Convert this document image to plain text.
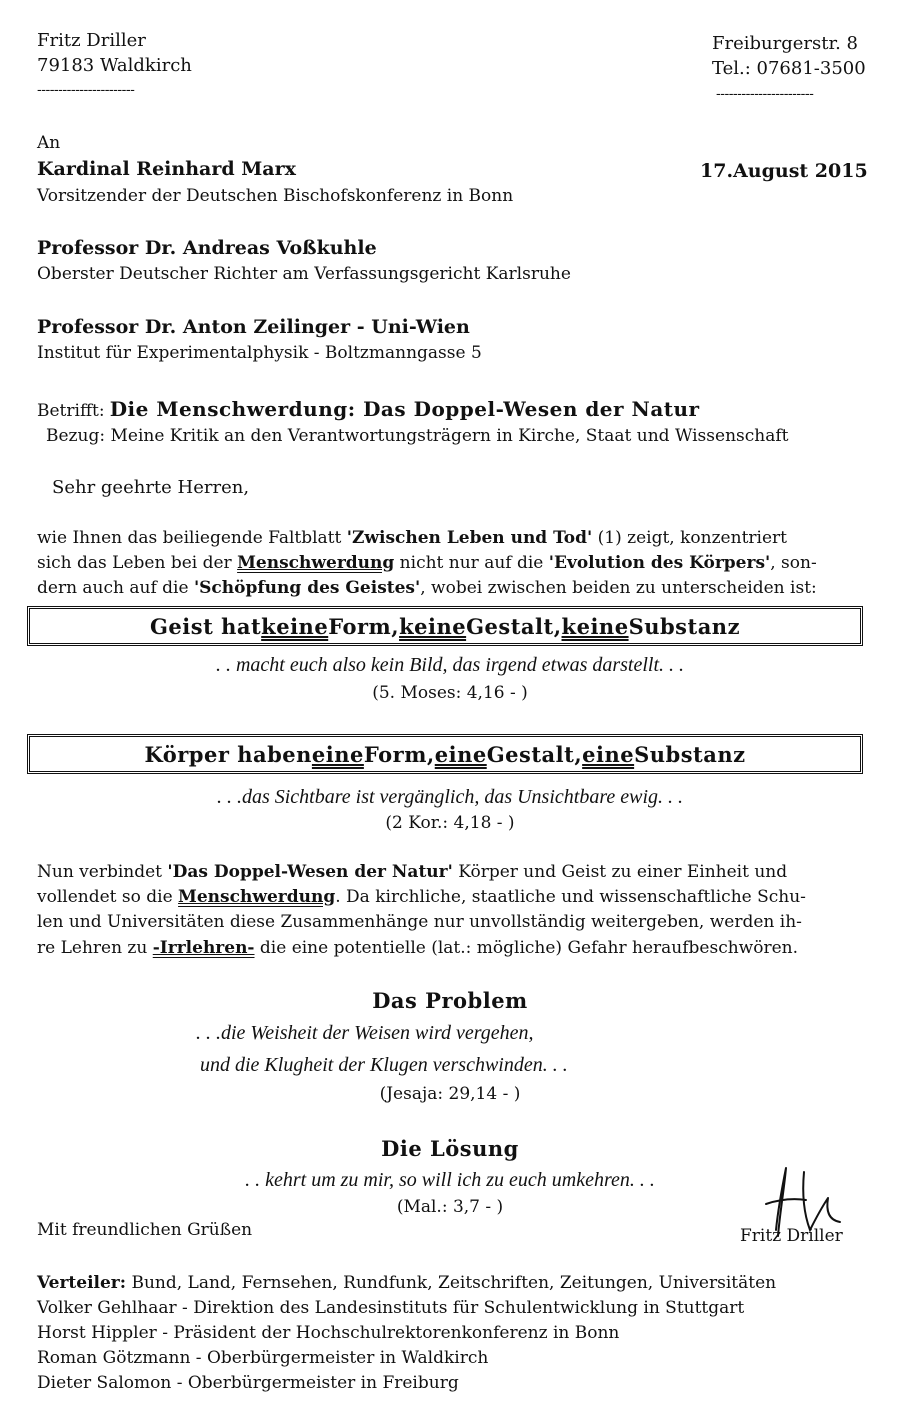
Fritz Driller
79183 Waldkirch
-----------------------
Freiburgerstr. 8
Tel.: 07681-3500
-----------------------
An
Kardinal Reinhard Marx
Vorsitzender der Deutschen Bischofskonferenz in Bonn
17.August 2015
Professor Dr. Andreas Voßkuhle
Oberster Deutscher Richter am Verfassungsgericht Karlsruhe
Professor Dr. Anton Zeilinger - Uni-Wien
Institut für Experimentalphysik - Boltzmanngasse 5
Betrifft: Die Menschwerdung: Das Doppel-Wesen der Natur
Bezug: Meine Kritik an den Verantwortungsträgern in Kirche, Staat und Wissenschaft
Sehr geehrte Herren,
wie Ihnen das beiliegende Faltblatt 'Zwischen Leben und Tod' (1) zeigt, konzentriert
sich das Leben bei der Menschwerdung nicht nur auf die 'Evolution des Körpers', son-
dern auch auf die 'Schöpfung des Geistes', wobei zwischen beiden zu unterscheiden ist:
Geist hat keine Form, keine Gestalt, keine Substanz
. . macht euch also kein Bild, das irgend etwas darstellt. . .
(5. Moses: 4,16 - )
Körper haben eine Form, eine Gestalt, eine Substanz
. . .das Sichtbare ist vergänglich, das Unsichtbare ewig. . .
(2 Kor.: 4,18 - )
Nun verbindet 'Das Doppel-Wesen der Natur' Körper und Geist zu einer Einheit und
vollendet so die Menschwerdung. Da kirchliche, staatliche und wissenschaftliche Schu-
len und Universitäten diese Zusammenhänge nur unvollständig weitergeben, werden ih-
re Lehren zu -Irrlehren- die eine potentielle (lat.: mögliche) Gefahr heraufbeschwören.
Das Problem
. . .die Weisheit der Weisen wird vergehen,
und die Klugheit der Klugen verschwinden. . .
(Jesaja: 29,14 - )
Die Lösung
. . kehrt um zu mir, so will ich zu euch umkehren. . .
(Mal.: 3,7 - )
Mit freundlichen Grüßen	Fritz Driller
Verteiler: Bund, Land, Fernsehen, Rundfunk, Zeitschriften, Zeitungen, Universitäten
Volker Gehlhaar - Direktion des Landesinstituts für Schulentwicklung in Stuttgart
Horst Hippler - Präsident der Hochschulrektorenkonferenz in Bonn
Roman Götzmann - Oberbürgermeister in Waldkirch
Dieter Salomon - Oberbürgermeister in Freiburg
